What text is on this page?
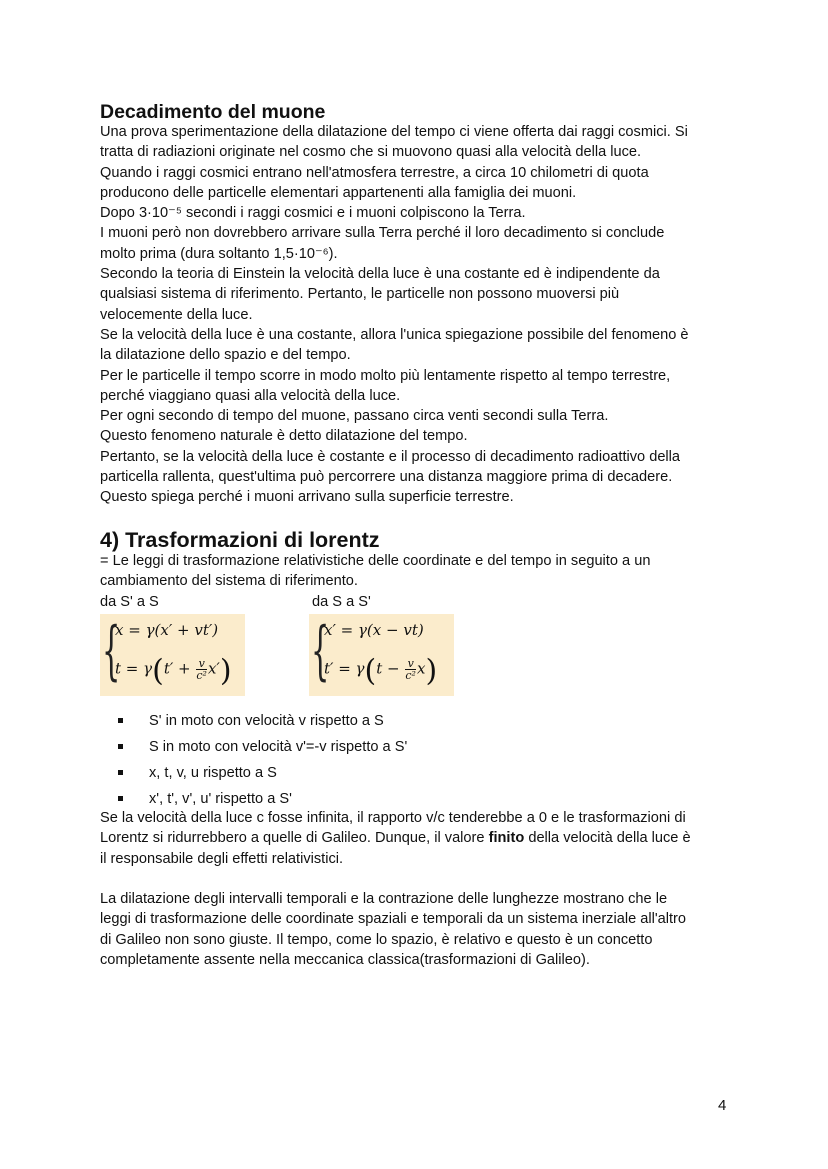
Decadimento del muone

Una prova sperimentazione della dilatazione del tempo ci viene offerta dai raggi cosmici. Si

tratta di radiazioni originate nel cosmo che si muovono quasi alla velocità della luce.

Quando i raggi cosmici entrano nell'atmosfera terrestre, a circa 10 chilometri di quota

producono delle particelle elementari appartenenti alla famiglia dei muoni.

Dopo 3·10⁻⁵ secondi i raggi cosmici e i muoni colpiscono la Terra.

I muoni però non dovrebbero arrivare sulla Terra perché il loro decadimento si conclude

molto prima (dura soltanto 1,5·10⁻⁶).

Secondo la teoria di Einstein la velocità della luce è una costante ed è indipendente da

qualsiasi sistema di riferimento. Pertanto, le particelle non possono muoversi più

velocemente della luce.

Se la velocità della luce è una costante, allora l'unica spiegazione possibile del fenomeno è

la dilatazione dello spazio e del tempo.

Per le particelle il tempo scorre in modo molto più lentamente rispetto al tempo terrestre,

perché viaggiano quasi alla velocità della luce.

Per ogni secondo di tempo del muone, passano circa venti secondi sulla Terra.

Questo fenomeno naturale è detto dilatazione del tempo.

Pertanto, se la velocità della luce è costante e il processo di decadimento radioattivo della

particella rallenta, quest'ultima può percorrere una distanza maggiore prima di decadere.

Questo spiega perché i muoni arrivano sulla superficie terrestre.

4) Trasformazioni di lorentz

= Le leggi di trasformazione relativistiche delle coordinate e del tempo in seguito a un

cambiamento del sistema di riferimento.

da S' a S	da S a S'
{
x = γ(x′ + vt′)
$t = \gamma(t' + \frac{v}{\text{c²}} x')$ {
x′ = γ(x − vt)
$t' = \gamma(t - \frac{v}{\text{c²}} x)$
S' in moto con velocità v rispetto a S
S in moto con velocità v'=-v rispetto a S'
x, t, v, u rispetto a S
x', t', v', u' rispetto a S'

Se la velocità della luce c fosse infinita, il rapporto v/c tenderebbe a 0 e le trasformazioni di

Lorentz si ridurrebbero a quelle di Galileo. Dunque, il valore finito della velocità della luce è

il responsabile degli effetti relativistici.

La dilatazione degli intervalli temporali e la contrazione delle lunghezze mostrano che le

leggi di trasformazione delle coordinate spaziali e temporali da un sistema inerziale all'altro

di Galileo non sono giuste. Il tempo, come lo spazio, è relativo e questo è un concetto

completamente assente nella meccanica classica(trasformazioni di Galileo).

4
